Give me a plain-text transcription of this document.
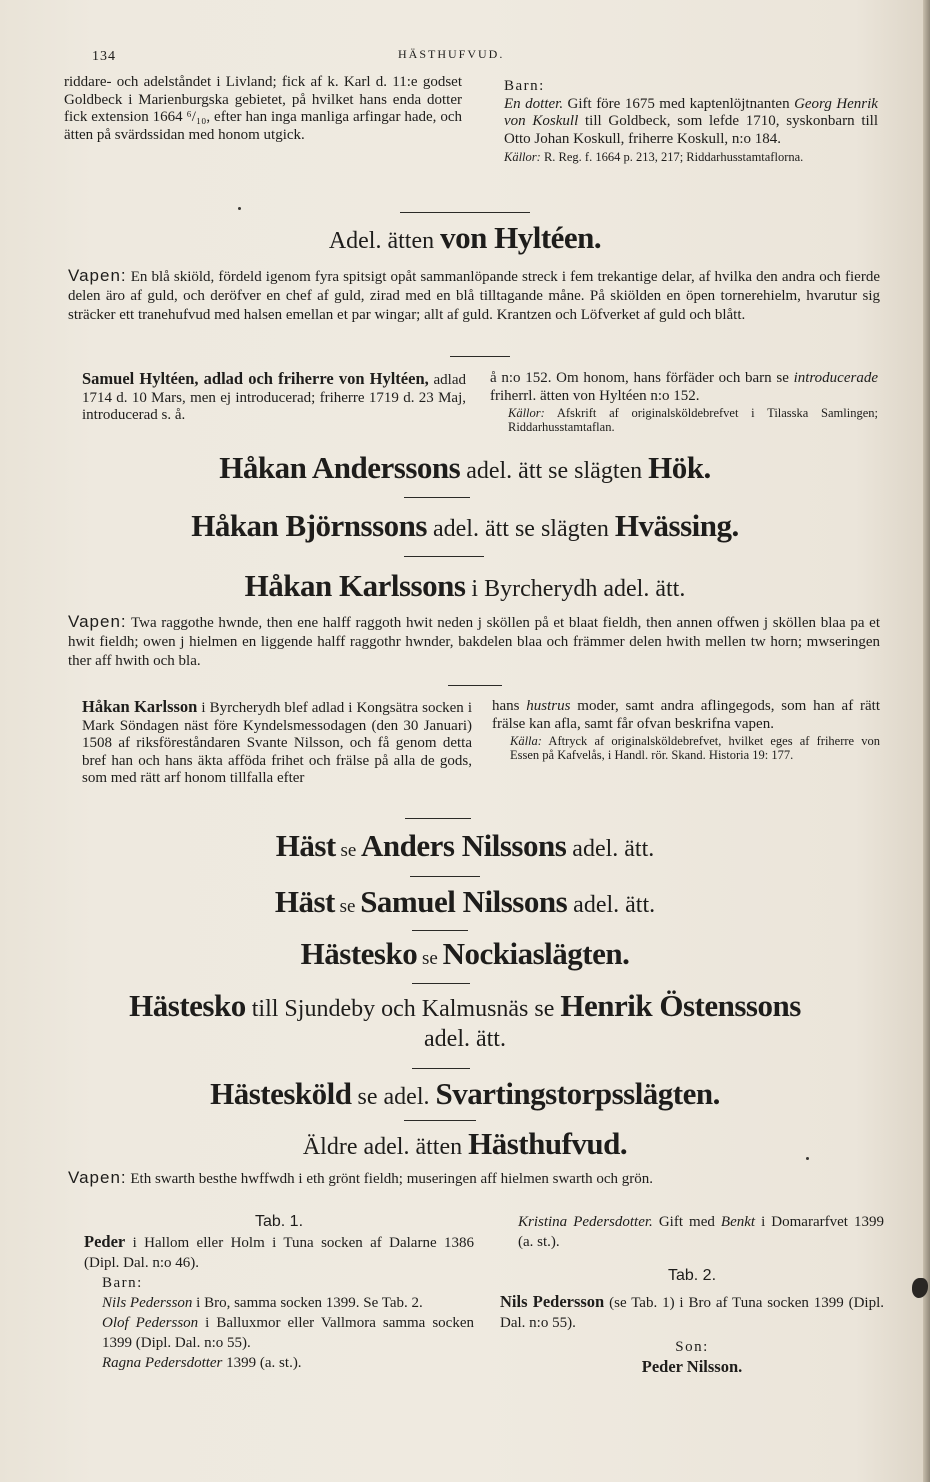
134	HÄSTHUFVUD.

riddare- och adelståndet i Livland; fick af k. Karl d. 11:e godset Goldbeck i Marienburgska gebietet, på hvilket hans enda dotter fick extension 1664 ⁶/₁₀, efter han inga manliga arfingar hade, och ätten på svärdssidan med honom utgick.

Barn:

En dotter. Gift före 1675 med kaptenlöjtnanten Georg Henrik von Koskull till Goldbeck, som lefde 1710, syskonbarn till Otto Johan Koskull, friherre Koskull, n:o 184.

Källor: R. Reg. f. 1664 p. 213, 217; Riddarhusstamtaflorna.

Adel. ätten von Hyltéen.
Vapen: En blå skiöld, fördeld igenom fyra spitsigt opåt sammanlöpande streck i fem trekantige delar, af hvilka den andra och fierde delen äro af guld, och deröfver en chef af guld, zirad med en blå tilltagande måne. På skiölden en öpen tornerehielm, hvarutur sig sträcker ett tranehufvud med halsen emellan et par wingar; allt af guld. Krantzen och Löfverket af guld och blått.

Samuel Hyltéen, adlad och friherre von Hyltéen, adlad 1714 d. 10 Mars, men ej introducerad; friherre 1719 d. 23 Maj, introducerad s. å.

å n:o 152. Om honom, hans förfäder och barn se introducerade friherrl. ätten von Hyltéen n:o 152.

Källor: Afskrift af originalsköldebrefvet i Tilasska Samlingen; Riddarhusstamtaflan.

Håkan Anderssons adel. ätt se slägten Hök.
Håkan Björnssons adel. ätt se slägten Hvässing.
Håkan Karlssons i Byrcherydh adel. ätt.
Vapen: Twa raggothe hwnde, then ene halff raggoth hwit neden j sköllen på et blaat fieldh, then annen offwen j sköllen blaa pa et hwit fieldh; owen j hielmen en liggende halff raggothr hwnder, bakdelen blaa och främmer delen hwith mellen tw horn; mwseringen ther aff hwith och bla.

Håkan Karlsson i Byrcherydh blef adlad i Kongsätra socken i Mark Söndagen näst före Kyndelsmessodagen (den 30 Januari) 1508 af riksföreståndaren Svante Nilsson, och få genom detta bref han och hans äkta afföda frihet och frälse på alla de gods, som med rätt arf honom tillfalla efter

hans hustrus moder, samt andra aflingegods, som han af rätt frälse kan afla, samt får ofvan beskrifna vapen.

Källa: Aftryck af originalsköldebrefvet, hvilket eges af friherre von Essen på Kafvelås, i Handl. rör. Skand. Historia 19: 177.

Häst se Anders Nilssons adel. ätt.
Häst se Samuel Nilssons adel. ätt.
Hästesko se Nockiaslägten.
Hästesko till Sjundeby och Kalmusnäs se Henrik Östenssons
adel. ätt.
Hästesköld se adel. Svartingstorpsslägten.
Äldre adel. ätten Hästhufvud.
Vapen: Eth swarth besthe hwffwdh i eth grönt fieldh; museringen aff hielmen swarth och grön.

Tab. 1.

Peder i Hallom eller Holm i Tuna socken af Dalarne 1386 (Dipl. Dal. n:o 46).

Barn:

Nils Pedersson i Bro, samma socken 1399. Se Tab. 2.

Olof Pedersson i Balluxmor eller Vallmora samma socken 1399 (Dipl. Dal. n:o 55).

Ragna Pedersdotter 1399 (a. st.).

Kristina Pedersdotter. Gift med Benkt i Domararfvet 1399 (a. st.).

Tab. 2.

Nils Pedersson (se Tab. 1) i Bro af Tuna socken 1399 (Dipl. Dal. n:o 55).

Son:

Peder Nilsson.
